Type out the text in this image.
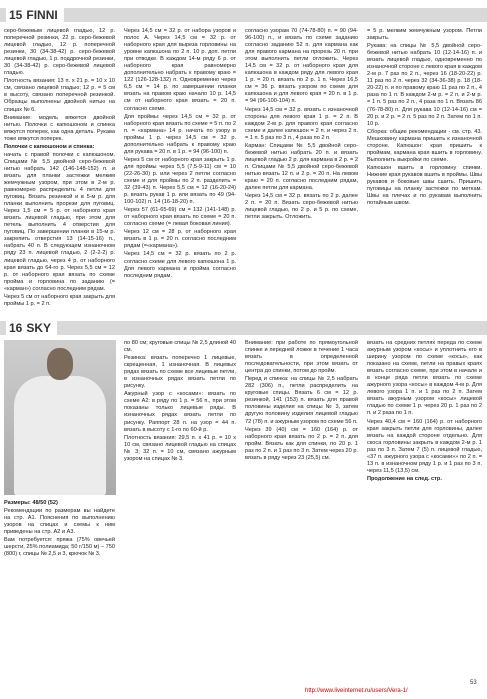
15 FINNI

серо-бежевым лицевой гладью, 12 р. поперечной резинки, 22 р. серо-бежевой лицевой гладью, 12 р. поперечной резинки, 30 (34-38-42) р. серо-бежевой лицевой гладью, 1 р. поддрочной резинки, 30 (34-38-42) р. серо-бежевой лицевой гладью.

Плотность вязания: 13 п. x 21 р. = 10 x 10 см, связано лицевой гладью; 12 р. = 5 см в высоту, связано поперечной резинкой. Образцы выполнены двойной нитью на спицах № 6.

Внимание: модель вяжется двойной нитью. Полочки с капюшоном и спинка вяжутся поперек, как одна деталь. Рукава тоже вяжутся поперек.

Полочки с капюшоном и спинка:

начать с правой полочки с капюшоном. Спицами № 5,5 двойной серо-бежевой нитью набрать 142 (146-148-152) п. и вязать для планки застежки мелким жемчужным узором, при этом в 2-м р. равномерно распределить 4 петли для пуговиц. Вязать резинкой и в 5-м р. для планки выполнить прорези для пуговиц. Через 1,5 см = 5 р. от наборного края вязать лицевой гладью, при этом для петель выполнить 4 отверстия для пуговиц. По завершении планки в 15-м р. закрепить отверстия 13 (14-15-16) п., набрать 40 п. В следующем изнаночном ряду 23 п. лицевой гладью, 2 (2-2-2) р. лицевой гладью, через 4 р. от наборного края вязать до 64-го р. Через 5,5 см = 12 р. от наборного края вязать по схеме пройма и горловина по заданию (= «карман») согласно последним рядам.

Через 5 см от наборного края закрыть для проймы 1 р. = 2 п.

Через 14,5 см = 32 р. от набора узоров и полос А. Через 14,5 см = 32 р. от наборного края для выреза горловины на уровне капюшона по 2 п. 10 р. доп. петли при отводке. В каждом 14-м ряду 6 р. от наборного края равномерно дополнительно набрать к правому краю = 122 (126-128-132) п. Одновременно через 6,5 см = 14 р. по завершении планки вязать на правом краю начало 10 р. 14,5 см от наборного края вязать = 20 п. согласно схеме.

Для проймы: через 14,5 см = 32 р. от наборного края вязать по схеме = 5 п. по 2 п. = «кармана» 14 р. начать по узору в проймы 1 р. через 14,5 см = 32 р. дополнительно набрать к правому краю для рукава = 20 п. в 1 р. = 94 (96-100) п.

Через 5 см от наборного края закрыть 1 р. для проймы через 5,5 (7,5-9-11) см = 10 (22-26-30) р. или через 2 петли согласно схеме и для проймы по 2 п. разделить = 32 (39-43) п. Через 5,5 см = 12 (16-20-24) р. вязать рукав 1 р. или вязать по 49 (94-100-102) п. 14 (16-18-20) п.

Через 57 (61-65-69) см = 132 (141-148) р. от наборного края вязать по схеме = 20 п. согласно схеме (= левая боковая линия).

Через 12 см = 28 р. от наборного края вязать в 1 р. = 20 п. согласно последним рядам (=«кармана»).

Через 14,5 см = 32 р. вязать по 2 р. согласно схеме для левого капюшона 1 р. Для левого кармана и пройма согласно последним рядам.

согласно узорам 70 (74-78-80) п. = 90 (94-96-100) п., и вязать по схеме заданию согласно заданию 52 п. для кармана как для правого кармана на прорезь 20 п. при этом выполнить петли отложить. Через 14,5 см = 32 р. от наборного края для капюшона в каждом ряду для левого края 1 р. = 20 п. вязать по 2 р. 1 п. Через 16,5 см = 36 р. вязать узором по схеме для капюшона и для левого края = 20 п. в 1 р. = 94 (96-100-104) п.

Через 14,5 см = 32 р. вязать с изнаночной стороны для левого края 1 р. = 2 п. В каждом 2-м р. для правого края согласно схеме и далее капюшон = 2 п. и через 2 п. = 1 п. 5 раз по 3 п., 4 раза по 2 п.

Карман: Спицами № 5,5 двойной серо-бежевой нитью набрать 20 п. и вязать лицевой гладью 2 р. для кармана в 2 р. = 2 п. Спицами № 5,5 двойной серо-бежевой нитью вязать 12 п. и 2 р. = 20 п. На левом краю = 20 п. согласно последним рядам, далее петли для кармана.

Через 14,5 см = 32 р. вязать по 2 р. далее 2 п. = 20 п. Вязать серо-бежевой нитью лицевой гладью, по 2 р. и 5 р. по схеме, петли закрыть. Отложить.

= 5 р. мелким жемчужным узором. Петли закрыть.

Рукава: на спицы № 5,5 двойной серо-бежевой нитью набрать 10 (12-14-16) п. и вязать лицевой гладью, одновременно по изнаночной стороне с левого края в каждом 2-м р. 7 раз по 2 п., через 16 (18-20-22) р. 11 раз по 2 п. через 32 (34-36-38) р. 18 (18-20-22) п. и по правому краю 11 раз по 2 п., 4 раза по 1 п. В каждом 2-м р. = 2 п. и 2-м р. = 1 п. 5 раз по 2 п., 4 раза по 1 п. Вязать 86 (76-78-80) п. Для рукава 10 (12-14-16) см = 20 р. и 2 р. = 2 п. 5 раз по 2 п. Затем по 1 п. 10 р.

Сборка: общие рекомендации - см. стр. 43. Мешковину кармана пришить к изнаночной стороне. Капюшон: края пришить к проймам, кармана края вшить в горловину. Выполнить выкройки по схеме.

Капюшон вшить в горловину спинки. Нижние края рукавов вшить в проймы. Швы рукавов и боковые швы сшить. Пришить пуговицы на планку застежки по меткам. Швы на плечах и по рукавам выполнить потайным швом.

16 SKY

Размеры: 48/50 (52)

Рекомендации по размерам вы найдете на стр. A1. Пояснения по выполнению узоров на спицах и схемы к ним приведены на стр. A2 и A3.

Вам потребуется: пряжа (75% овечьей шерсти, 25% полиамида; 50 г/150 м) – 750 (800) г, спицы № 2,5 и 3, крючок № 3.

по 80 см; круговые спицы № 2,5 длиной 40 см.

Резинка: вязать поперечно 1 лицевые, скрещенная, 1 изнаночная. В лицевых рядах вязать по схеме все лицевые петли, в изнаночных рядах вязать петли по рисунку.

Ажурный узор с «косами»: вязать по схеме А2: в ряду по 1 р. = 56 п., при этом показаны только лицевые ряды. В изнаночных рядах вязать петли по рисунку. Раппорт 28 п. на узор = 44 п. вязать в высоту с 1-го по 60-й р.

Плотность вязания: 29,5 п. x 41 р. = 10 x 10 см, связано лицевой гладью на спицах № 3; 32 п. = 10 см, связано ажурным узором на спицах № 3.

Внимание: при работе по прямоугольной спинке и передней ложке в течение 1 часа вязать в определенной последовательности, при этом вязать от центра до спинки, потом до пройм.

Перед и спинка: на спицы № 2,5 набрать 282 (306) п., петли распределить на круговые спицы. Вязать 6 см = 12 р. резинкой, 141 (153) п. вязать для правой половины изделия на спицы № 3, затем другую половину изделия лицевой гладью 72 (78) п. и ажурным узором по схеме 56 п.

Через 39 (40) см = 160 (164) р. от наборного края вязать по 2 р. = 2 п. для пройм. Вязать как для спинки, по 20 р. 1 раз по 2 п. и 1 раз по 3 п. Затем через 20 р. вязать в ряду через 23 (25,5) см.

вязать на средних петлях переда по схеме ажурным узором «косы» и уплотнить его в ширину узором по схеме «косы», как показано на схеме, петли на правых краях вязать согласно схеме, при этом в начале и в конце ряда петли вязать по схеме ажурного узора «косы» в каждом 4-м р. Для левого узора 1 п. и 1 раз по 2 п. Затем вязать ажурным узором «косы» лицевой гладью по схеме 1 р. через 20 р. 1 раз по 2 п. и 2 раза по 1 п.

Через 40,4 см = 160 (164) р. от наборного края закрыть петли для горловины, далее вязать на каждой стороне отдельно. Для скоса горловины закрыть в каждом 2-м р. 1 раз по 3 п. Затем 7 (5) п. лицевой гладью, «37 п. ажурного узора с «косами»» по 2 п. = 13 п. в изнаночном ряду 1 р. и 1 раз по 3 п. через 11,5 (13,5) см.

Продолжение на след. стр.

http://www.liveinternet.ru/users/Vera-1/
53
